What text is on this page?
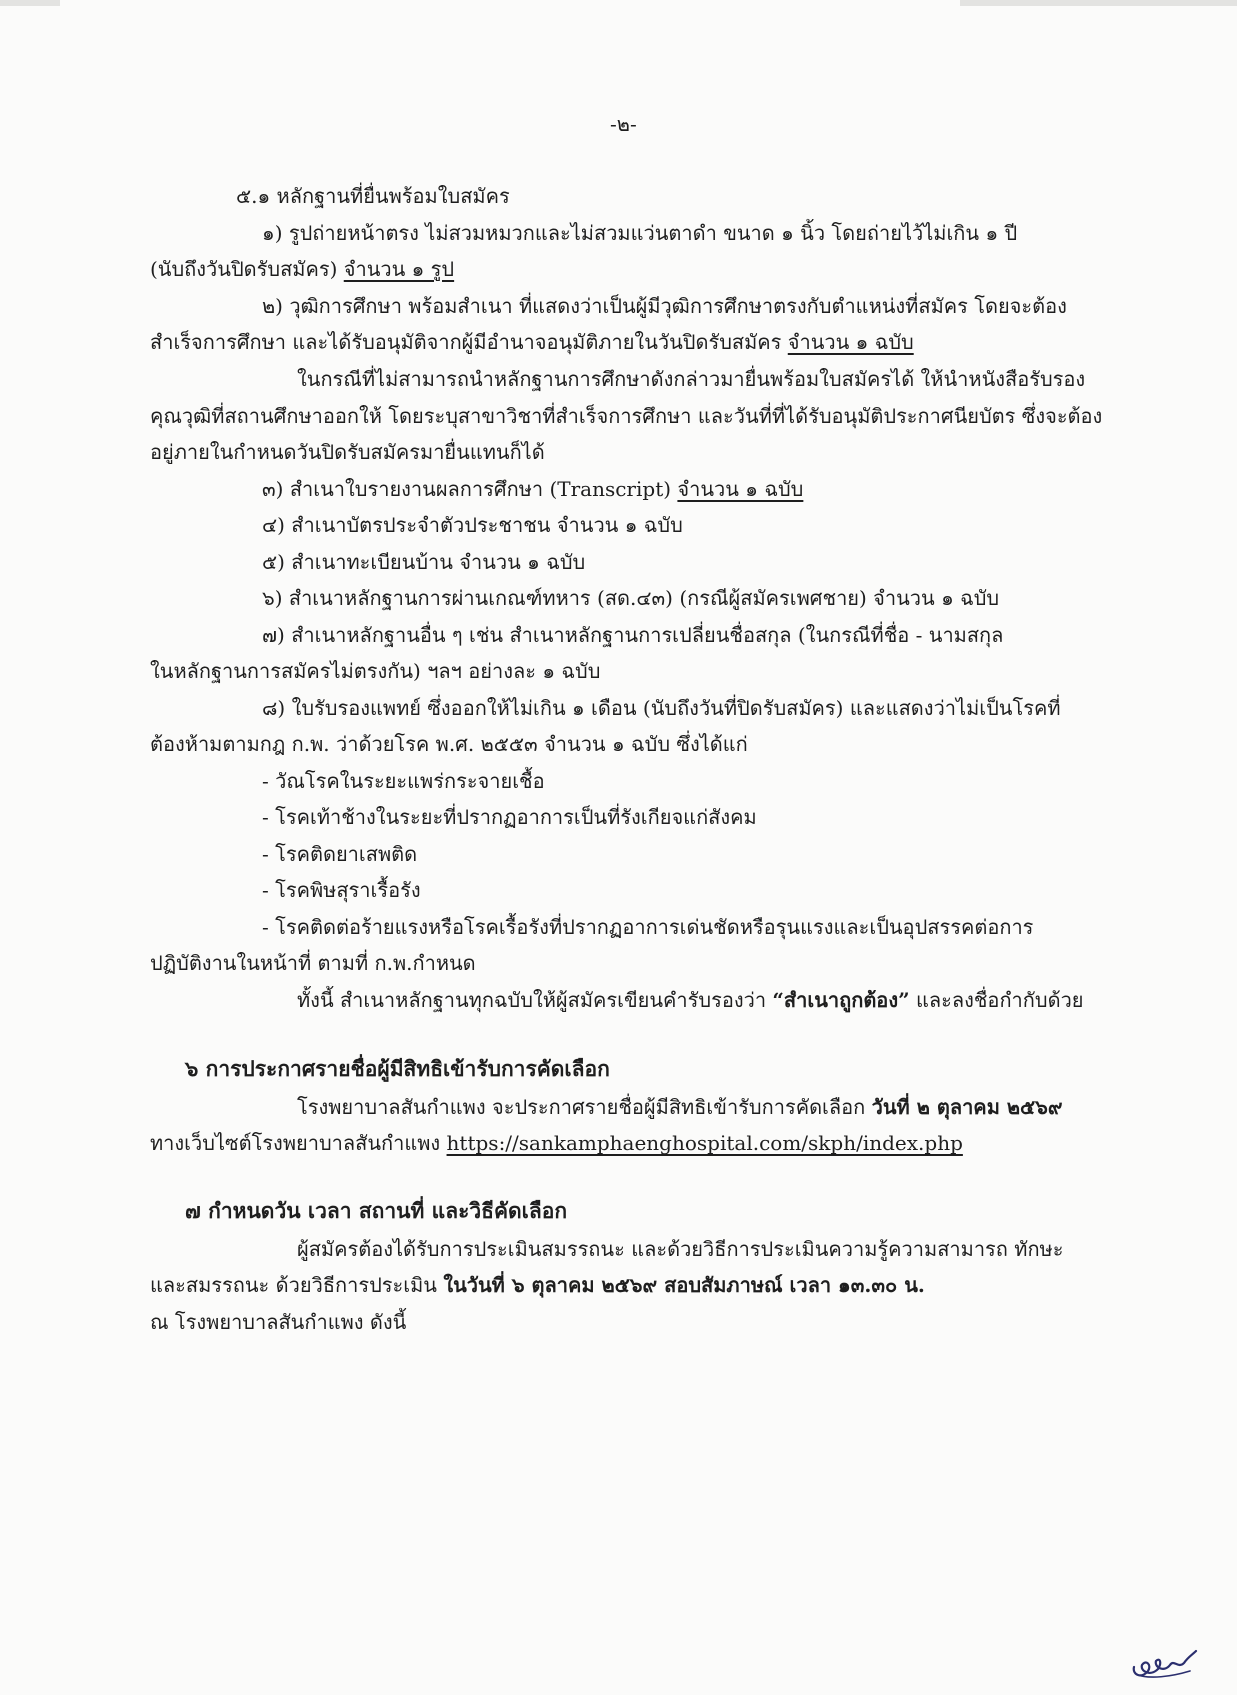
-๒-

๕.๑ หลักฐานที่ยื่นพร้อมใบสมัคร

๑) รูปถ่ายหน้าตรง ไม่สวมหมวกและไม่สวมแว่นตาดำ ขนาด ๑ นิ้ว โดยถ่ายไว้ไม่เกิน ๑ ปี

(นับถึงวันปิดรับสมัคร) จำนวน ๑ รูป

๒) วุฒิการศึกษา พร้อมสำเนา ที่แสดงว่าเป็นผู้มีวุฒิการศึกษาตรงกับตำแหน่งที่สมัคร โดยจะต้อง

สำเร็จการศึกษา และได้รับอนุมัติจากผู้มีอำนาจอนุมัติภายในวันปิดรับสมัคร จำนวน ๑ ฉบับ

ในกรณีที่ไม่สามารถนำหลักฐานการศึกษาดังกล่าวมายื่นพร้อมใบสมัครได้ ให้นำหนังสือรับรอง

คุณวุฒิที่สถานศึกษาออกให้ โดยระบุสาขาวิชาที่สำเร็จการศึกษา และวันที่ที่ได้รับอนุมัติประกาศนียบัตร ซึ่งจะต้อง

อยู่ภายในกำหนดวันปิดรับสมัครมายื่นแทนก็ได้

๓) สำเนาใบรายงานผลการศึกษา (Transcript) จำนวน ๑ ฉบับ

๔) สำเนาบัตรประจำตัวประชาชน จำนวน ๑ ฉบับ

๕) สำเนาทะเบียนบ้าน จำนวน ๑ ฉบับ

๖) สำเนาหลักฐานการผ่านเกณฑ์ทหาร (สด.๔๓) (กรณีผู้สมัครเพศชาย) จำนวน ๑ ฉบับ

๗) สำเนาหลักฐานอื่น ๆ เช่น สำเนาหลักฐานการเปลี่ยนชื่อสกุล (ในกรณีที่ชื่อ - นามสกุล

ในหลักฐานการสมัครไม่ตรงกัน) ฯลฯ อย่างละ ๑ ฉบับ

๘) ใบรับรองแพทย์ ซึ่งออกให้ไม่เกิน ๑ เดือน (นับถึงวันที่ปิดรับสมัคร) และแสดงว่าไม่เป็นโรคที่

ต้องห้ามตามกฎ ก.พ. ว่าด้วยโรค พ.ศ. ๒๕๕๓ จำนวน ๑ ฉบับ ซึ่งได้แก่

- วัณโรคในระยะแพร่กระจายเชื้อ

- โรคเท้าช้างในระยะที่ปรากฏอาการเป็นที่รังเกียจแก่สังคม

- โรคติดยาเสพติด

- โรคพิษสุราเรื้อรัง

- โรคติดต่อร้ายแรงหรือโรคเรื้อรังที่ปรากฏอาการเด่นชัดหรือรุนแรงและเป็นอุปสรรคต่อการ

ปฏิบัติงานในหน้าที่ ตามที่ ก.พ.กำหนด

ทั้งนี้ สำเนาหลักฐานทุกฉบับให้ผู้สมัครเขียนคำรับรองว่า “สำเนาถูกต้อง” และลงชื่อกำกับด้วย

๖ การประกาศรายชื่อผู้มีสิทธิเข้ารับการคัดเลือก

โรงพยาบาลสันกำแพง จะประกาศรายชื่อผู้มีสิทธิเข้ารับการคัดเลือก วันที่ ๒ ตุลาคม ๒๕๖๙

ทางเว็บไซต์โรงพยาบาลสันกำแพง https://sankamphaenghospital.com/skph/index.php

๗ กำหนดวัน เวลา สถานที่ และวิธีคัดเลือก

ผู้สมัครต้องได้รับการประเมินสมรรถนะ และด้วยวิธีการประเมินความรู้ความสามารถ ทักษะ

และสมรรถนะ ด้วยวิธีการประเมิน ในวันที่ ๖ ตุลาคม ๒๕๖๙ สอบสัมภาษณ์ เวลา ๑๓.๓๐ น.

ณ โรงพยาบาลสันกำแพง ดังนี้
